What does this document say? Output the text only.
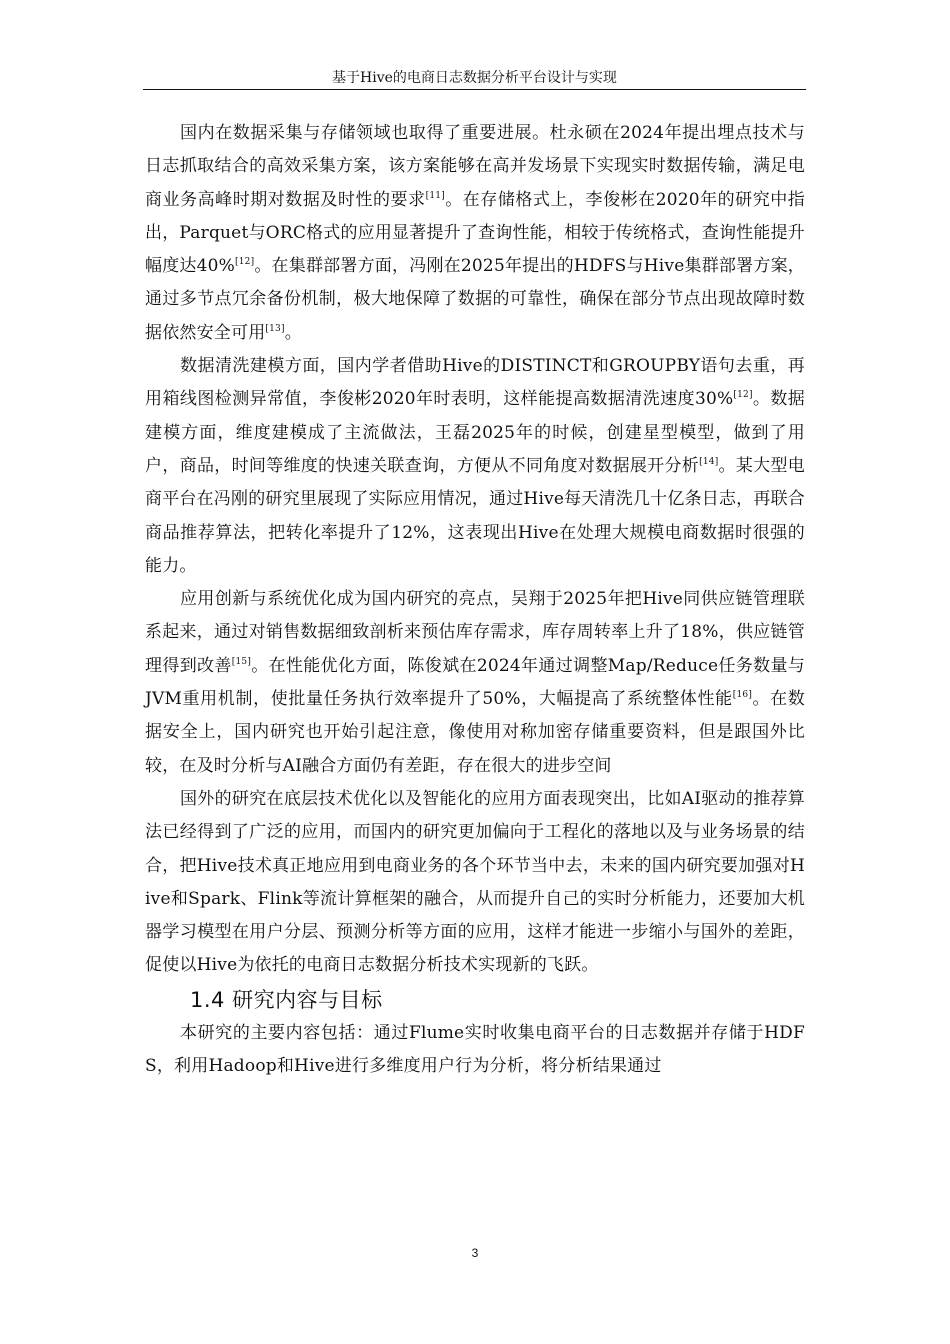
基于Hive的电商日志数据分析平台设计与实现

国内在数据采集与存储领域也取得了重要进展。杜永硕在2024年提出埋点技术与日志抓取结合的高效采集方案，该方案能够在高并发场景下实现实时数据传输，满足电商业务高峰时期对数据及时性的要求[11]。在存储格式上，李俊彬在2020年的研究中指出，Parquet与ORC格式的应用显著提升了查询性能，相较于传统格式，查询性能提升幅度达40%[12]。在集群部署方面，冯刚在2025年提出的HDFS与Hive集群部署方案，通过多节点冗余备份机制，极大地保障了数据的可靠性，确保在部分节点出现故障时数据依然安全可用[13]。

数据清洗建模方面，国内学者借助Hive的DISTINCT和GROUPBY语句去重，再用箱线图检测异常值，李俊彬2020年时表明，这样能提高数据清洗速度30%[12]。数据建模方面，维度建模成了主流做法，王磊2025年的时候，创建星型模型，做到了用户，商品，时间等维度的快速关联查询，方便从不同角度对数据展开分析[14]。某大型电商平台在冯刚的研究里展现了实际应用情况，通过Hive每天清洗几十亿条日志，再联合商品推荐算法，把转化率提升了12%，这表现出Hive在处理大规模电商数据时很强的能力。

应用创新与系统优化成为国内研究的亮点，吴翔于2025年把Hive同供应链管理联系起来，通过对销售数据细致剖析来预估库存需求，库存周转率上升了18%，供应链管理得到改善[15]。在性能优化方面，陈俊斌在2024年通过调整Map/Reduce任务数量与JVM重用机制，使批量任务执行效率提升了50%，大幅提高了系统整体性能[16]。在数据安全上，国内研究也开始引起注意，像使用对称加密存储重要资料，但是跟国外比较，在及时分析与AI融合方面仍有差距，存在很大的进步空间

国外的研究在底层技术优化以及智能化的应用方面表现突出，比如AI驱动的推荐算法已经得到了广泛的应用，而国内的研究更加偏向于工程化的落地以及与业务场景的结合，把Hive技术真正地应用到电商业务的各个环节当中去，未来的国内研究要加强对Hive和Spark、Flink等流计算框架的融合，从而提升自己的实时分析能力，还要加大机器学习模型在用户分层、预测分析等方面的应用，这样才能进一步缩小与国外的差距，促使以Hive为依托的电商日志数据分析技术实现新的飞跃。

1.4 研究内容与目标

本研究的主要内容包括：通过Flume实时收集电商平台的日志数据并存储于HDFS，利用Hadoop和Hive进行多维度用户行为分析，将分析结果通过

3
